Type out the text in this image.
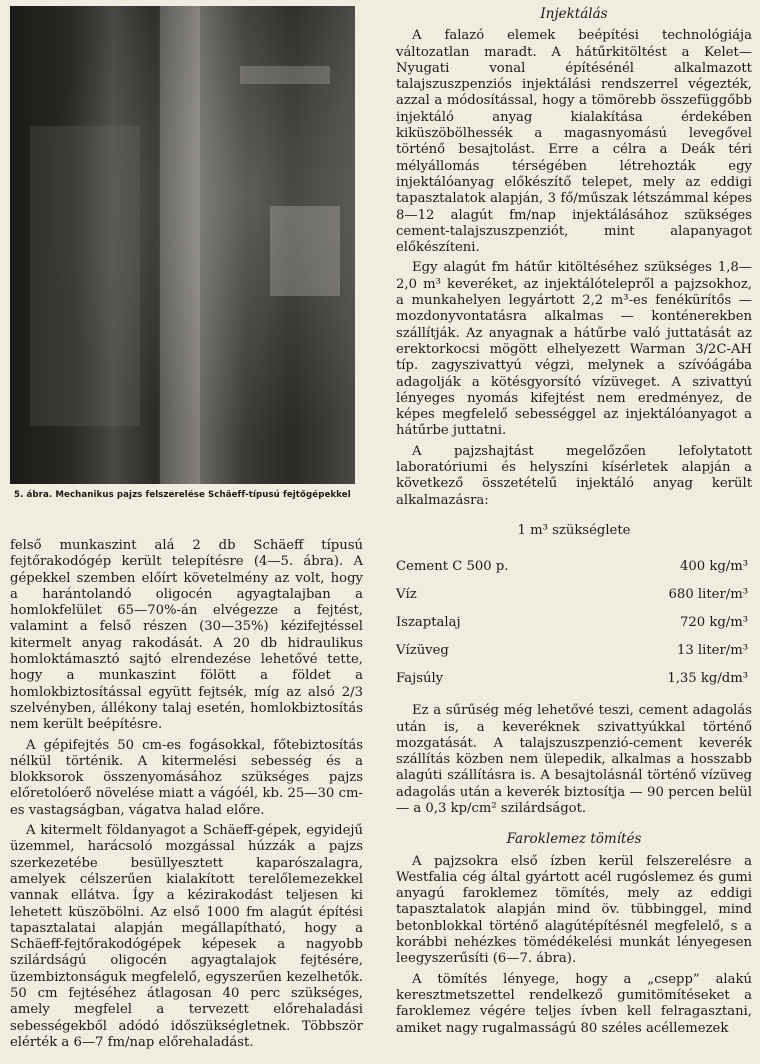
5. ábra. Mechanikus pajzs felszerelése Schäeff-típusú fejtőgépekkel

felső munkaszint alá 2 db Schäeff típusú fejtőrakodógép került telepítésre (4—5. ábra). A gépekkel szemben előírt követelmény az volt, hogy a harántolandó oligocén agyagtalajban a homlokfelület 65—70%-án elvégezze a fejtést, valamint a felső részen (30—35%) kézifejtéssel kitermelt anyag rakodását. A 20 db hidraulikus homloktámasztó sajtó elrendezése lehetővé tette, hogy a munkaszint fölött a földet a homlokbiztosítással együtt fejtsék, míg az alsó 2/3 szelvényben, állékony talaj esetén, homlokbiztosítás nem került beépítésre.

A gépifejtés 50 cm-es fogásokkal, főtebiztosítás nélkül történik. A kitermelési sebesség és a blokksorok összenyomásához szükséges pajzs előretolóerő növelése miatt a vágóél, kb. 25—30 cm-es vastagságban, vágatva halad előre.

A kitermelt földanyagot a Schäeff-gépek, egyidejű üzemmel, harácsoló mozgással húzzák a pajzs szerkezetébe besüllyesztett kaparószalagra, amelyek célszerűen kialakított terelőlemezekkel vannak ellátva. Így a kézirakodást teljesen ki lehetett küszöbölni. Az első 1000 fm alagút építési tapasztalatai alapján megállapítható, hogy a Schäeff-fejtőrakodógépek képesek a nagyobb szilárdságú oligocén agyagtalajok fejtésére, üzembiztonságuk megfelelő, egyszerűen kezelhetők. 50 cm fejtéséhez átlagosan 40 perc szükséges, amely megfelel a tervezett előrehaladási sebességekből adódó időszükségletnek. Többször elérték a 6—7 fm/nap előrehaladást.

Injektálás

A falazó elemek beépítési technológiája változatlan maradt. A hátűrkitöltést a Kelet—Nyugati vonal építésénél alkalmazott talajszuszpenziós injektálási rendszerrel végezték, azzal a módosítással, hogy a tömörebb összefüggőbb injektáló anyag kialakítása érdekében kiküszöbölhessék a magasnyomású levegővel történő besajtolást. Erre a célra a Deák téri mélyállomás térségében létrehozták egy injektálóanyag előkészítő telepet, mely az eddigi tapasztalatok alapján, 3 fő/műszak létszámmal képes 8—12 alagút fm/nap injektálásához szükséges cement-talajszuszpenziót, mint alapanyagot előkészíteni.

Egy alagút fm hátűr kitöltéséhez szükséges 1,8—2,0 m³ keveréket, az injektálótelepről a pajzsokhoz, a munkahelyen legyártott 2,2 m³-es fenékürítős — mozdonyvontatásra alkalmas — konténerekben szállítják. Az anyagnak a hátűrbe való juttatását az erektorkocsi mögött elhelyezett Warman 3/2C-AH típ. zagyszivattyú végzi, melynek a szívóágába adagolják a kötésgyorsító vízüveget. A szivattyú lényeges nyomás kifejtést nem eredményez, de képes megfelelő sebességgel az injektálóanyagot a hátűrbe juttatni.

A pajzshajtást megelőzően lefolytatott laboratóriumi és helyszíni kísérletek alapján a következő összetételű injektáló anyag került alkalmazásra:

1 m³ szükséglete
Cement C 500 p.	400 kg/m³
Víz	680 liter/m³
Iszaptalaj	720 kg/m³
Vízüveg	13 liter/m³
Fajsúly	1,35 kg/dm³

Ez a sűrűség még lehetővé teszi, cement adagolás után is, a keveréknek szivattyúkkal történő mozgatását. A talajszuszpenzió-cement keverék szállítás közben nem ülepedik, alkalmas a hosszabb alagúti szállításra is. A besajtolásnál történő vízüveg adagolás után a keverék biztosítja — 90 percen belül — a 0,3 kp/cm² szilárdságot.

Faroklemez tömítés

A pajzsokra első ízben kerül felszerelésre a Westfalia cég által gyártott acél rugóslemez és gumi anyagú faroklemez tömítés, mely az eddigi tapasztalatok alapján mind öv. tübbinggel, mind betonblokkal történő alagútépítésnél megfelelő, s a korábbi nehézkes tömédékelési munkát lényegesen leegyszerűsíti (6—7. ábra).

A tömítés lényege, hogy a „csepp” alakú keresztmetszettel rendelkező gumitömítéseket a faroklemez végére teljes ívben kell felragasztani, amiket nagy rugalmasságú 80 széles acéllemezek
